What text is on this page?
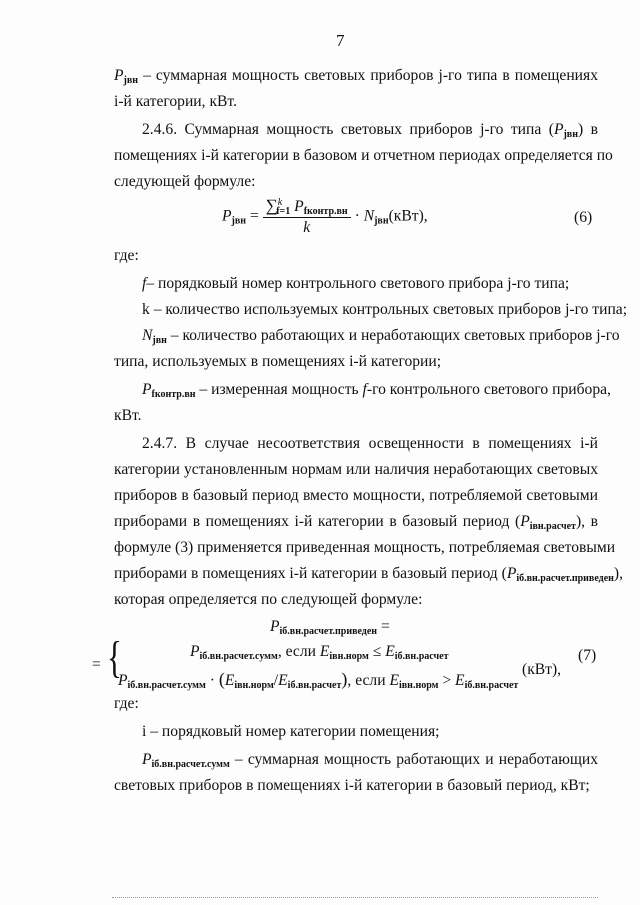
7
$P_{jвн}$ – суммарная мощность световых приборов j-го типа в помещениях
i-й категории, кВт.
2.4.6. Суммарная мощность световых приборов j-го типа $(P_{jвн})$ в
помещениях i-й категории в базовом и отчетном периодах определяется по
следующей формуле:
$P_{jвн} = \frac{\sum^k_{f=1} P_{fконтр.вн}}{k} \cdot N_{jвн}(кВт)$,	(6)
где:
f– порядковый номер контрольного светового прибора j-го типа;
k – количество используемых контрольных световых приборов j-го типа;
$N_{jвн}$ – количество работающих и неработающих световых приборов j-го
типа, используемых в помещениях i-й категории;
$P_{fконтр.вн}$ – измеренная мощность f-го контрольного светового прибора,
кВт.
2.4.7. В случае несоответствия освещенности в помещениях i-й
категории установленным нормам или наличия неработающих световых
приборов в базовый период вместо мощности, потребляемой световыми
приборами в помещениях i-й категории в базовый период $(P_{iвн.расчет})$, в
формуле (3) применяется приведенная мощность, потребляемая световыми
приборами в помещениях i-й категории в базовый период $(P_{iб.вн.расчет.приведен})$,
которая определяется по следующей формуле:
$P_{iб.вн.расчет.приведен}$ =
= {	$P_{iб.вн.расчет.сумм}$, если $E_{iвн.норм} \le E_{iб.вн.расчет}$
$P_{iб.вн.расчет.сумм} \cdot (E_{iвн.норм}/E_{iб.вн.расчет})$, если $E_{iвн.норм} > E_{iб.вн.расчет}$
(кВт),
(7)
где:
i – порядковый номер категории помещения;
$P_{iб.вн.расчет.сумм}$ – суммарная мощность работающих и неработающих
световых приборов в помещениях i-й категории в базовый период, кВт;
